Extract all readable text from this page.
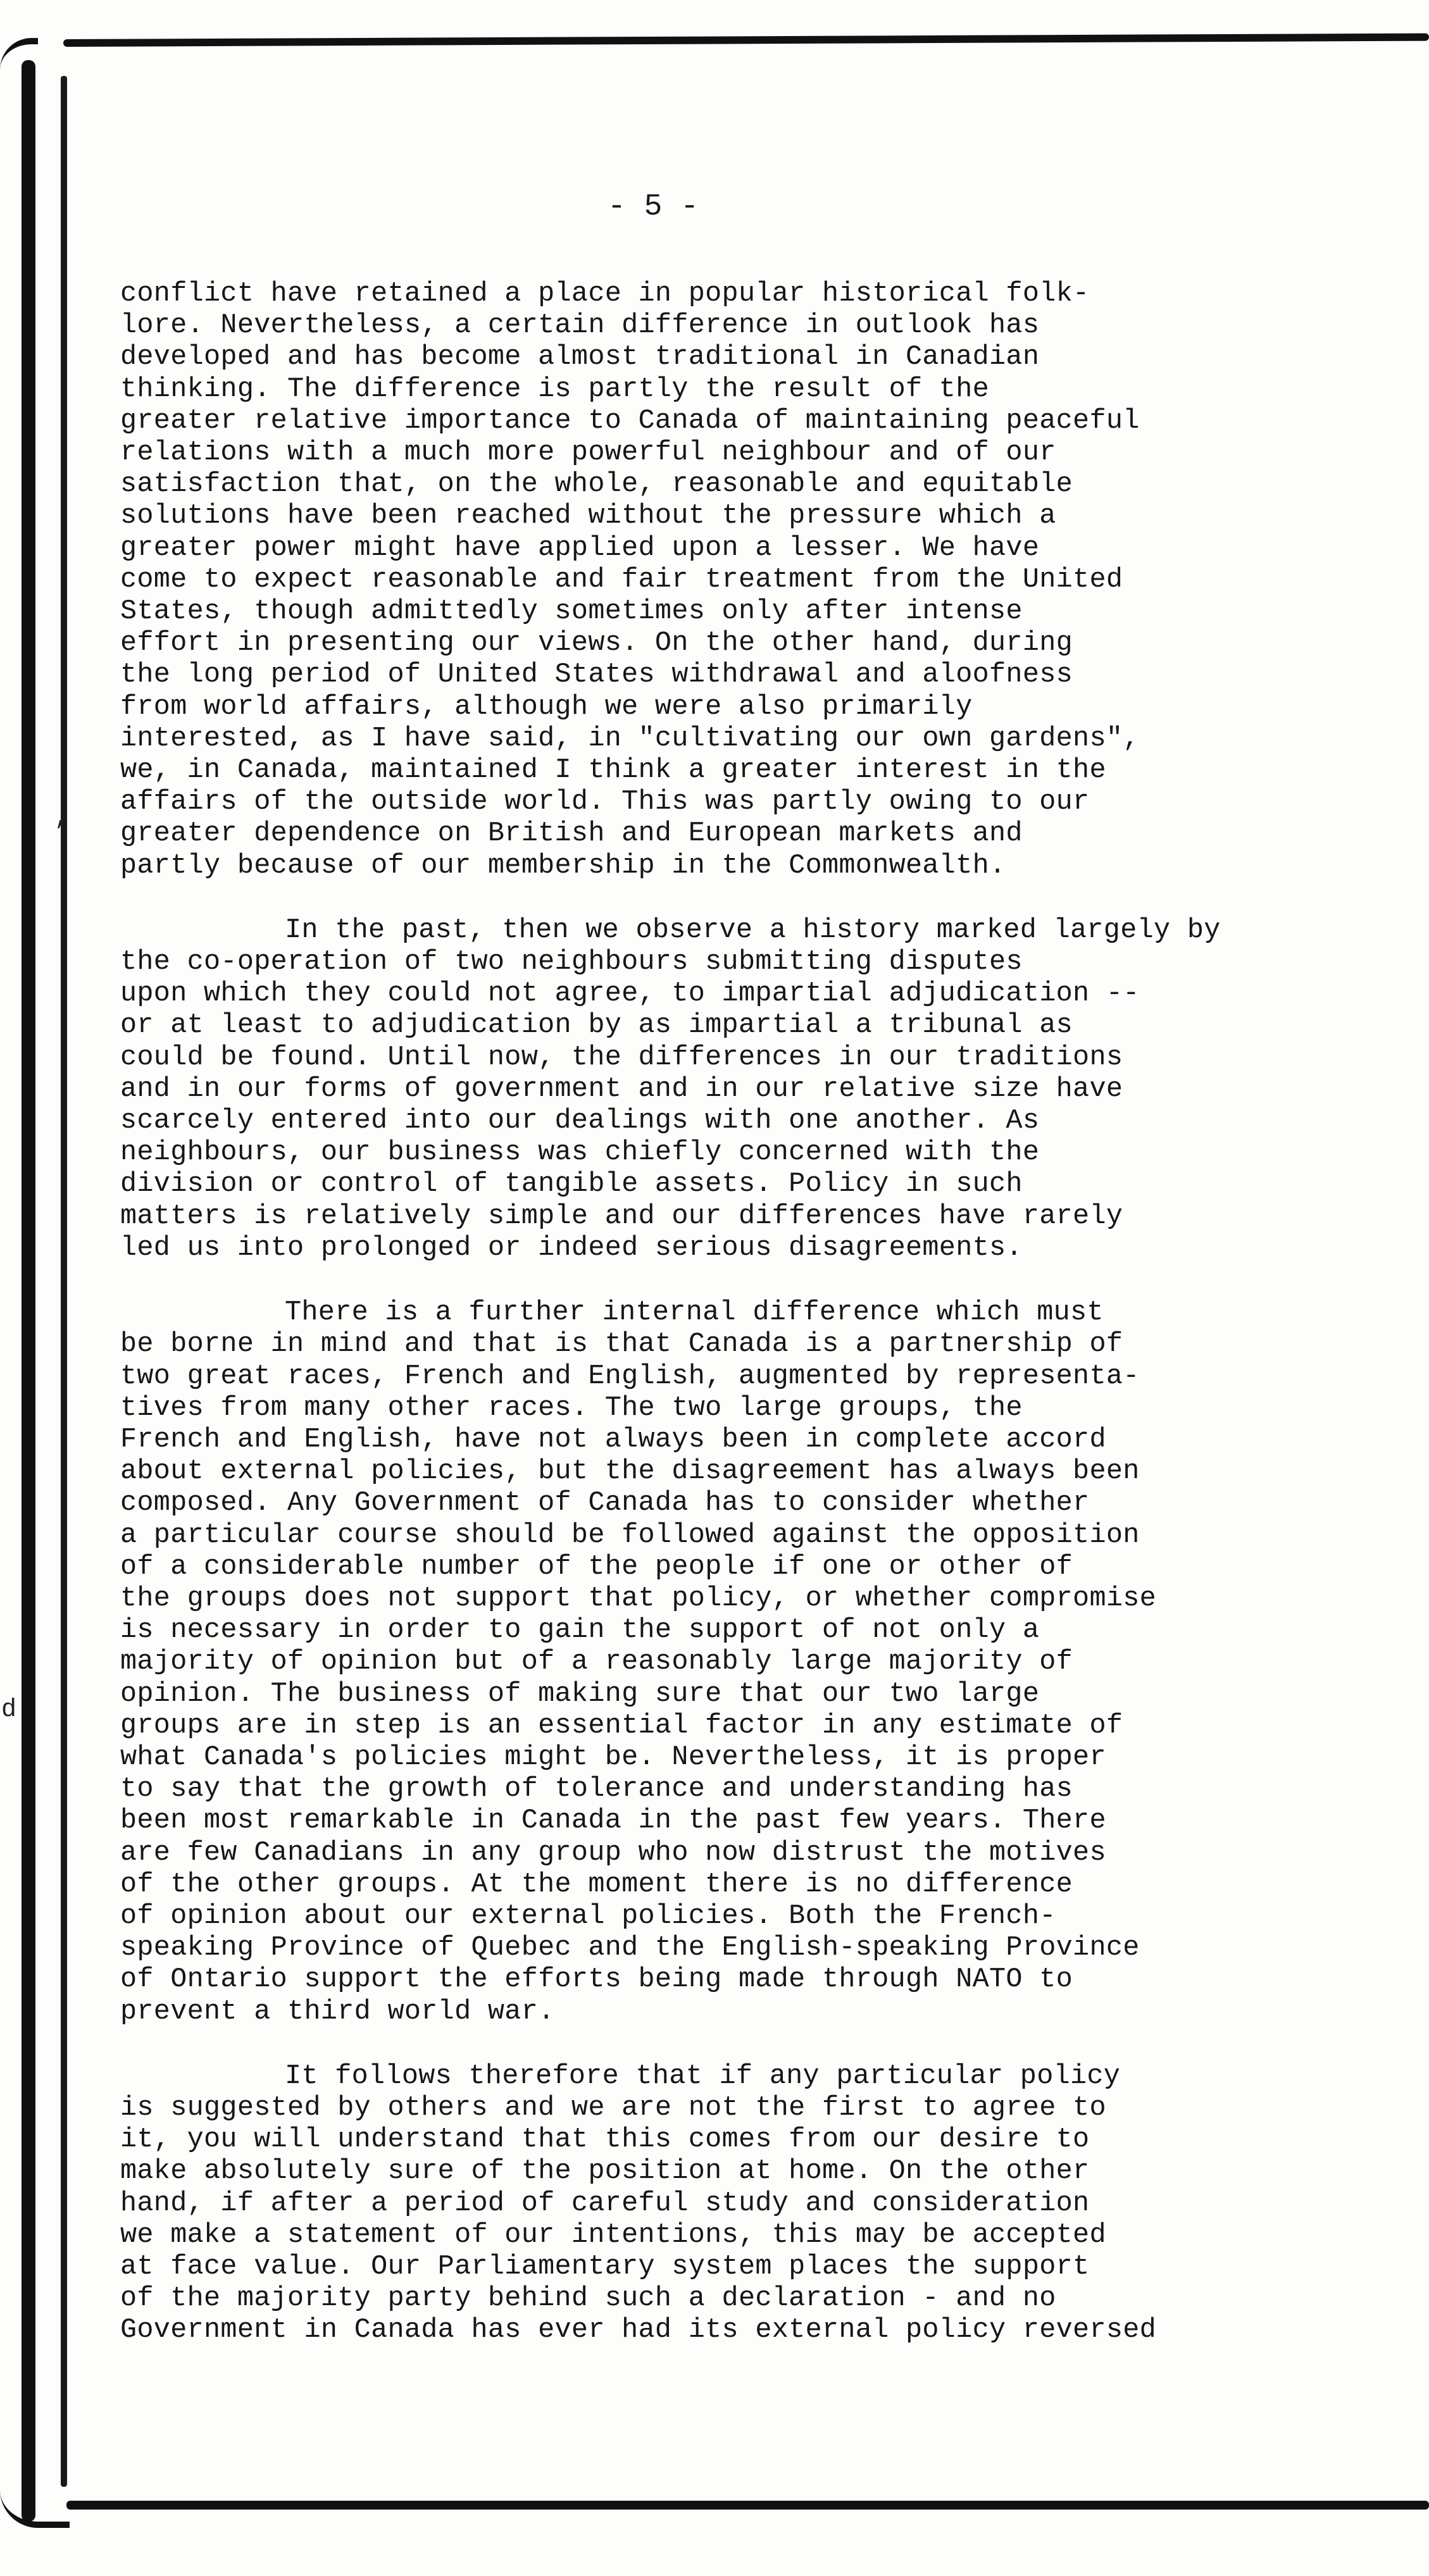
,
d
- 5 -
conflict have retained a place in popular historical folk-
lore. Nevertheless, a certain difference in outlook has
developed and has become almost traditional in Canadian
thinking. The difference is partly the result of the
greater relative importance to Canada of maintaining peaceful
relations with a much more powerful neighbour and of our
satisfaction that, on the whole, reasonable and equitable
solutions have been reached without the pressure which a
greater power might have applied upon a lesser. We have
come to expect reasonable and fair treatment from the United
States, though admittedly sometimes only after intense
effort in presenting our views. On the other hand, during
the long period of United States withdrawal and aloofness
from world affairs, although we were also primarily
interested, as I have said, in "cultivating our own gardens",
we, in Canada, maintained I think a greater interest in the
affairs of the outside world. This was partly owing to our
greater dependence on British and European markets and
partly because of our membership in the Commonwealth.
In the past, then we observe a history marked largely by
the co-operation of two neighbours submitting disputes
upon which they could not agree, to impartial adjudication --
or at least to adjudication by as impartial a tribunal as
could be found. Until now, the differences in our traditions
and in our forms of government and in our relative size have
scarcely entered into our dealings with one another. As
neighbours, our business was chiefly concerned with the
division or control of tangible assets. Policy in such
matters is relatively simple and our differences have rarely
led us into prolonged or indeed serious disagreements.
There is a further internal difference which must
be borne in mind and that is that Canada is a partnership of
two great races, French and English, augmented by representa-
tives from many other races. The two large groups, the
French and English, have not always been in complete accord
about external policies, but the disagreement has always been
composed. Any Government of Canada has to consider whether
a particular course should be followed against the opposition
of a considerable number of the people if one or other of
the groups does not support that policy, or whether compromise
is necessary in order to gain the support of not only a
majority of opinion but of a reasonably large majority of
opinion. The business of making sure that our two large
groups are in step is an essential factor in any estimate of
what Canada's policies might be. Nevertheless, it is proper
to say that the growth of tolerance and understanding has
been most remarkable in Canada in the past few years. There
are few Canadians in any group who now distrust the motives
of the other groups. At the moment there is no difference
of opinion about our external policies. Both the French-
speaking Province of Quebec and the English-speaking Province
of Ontario support the efforts being made through NATO to
prevent a third world war.
It follows therefore that if any particular policy
is suggested by others and we are not the first to agree to
it, you will understand that this comes from our desire to
make absolutely sure of the position at home. On the other
hand, if after a period of careful study and consideration
we make a statement of our intentions, this may be accepted
at face value. Our Parliamentary system places the support
of the majority party behind such a declaration - and no
Government in Canada has ever had its external policy reversed
